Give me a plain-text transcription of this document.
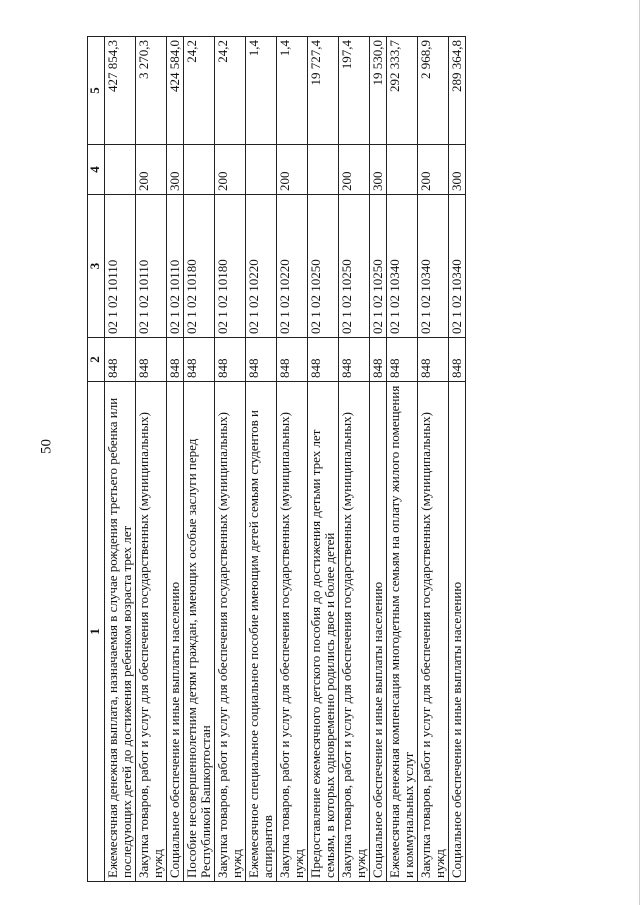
50
1	2	3	4	5
Ежемесячная денежная выплата, назначаемая в случае рождения третьего ребенка или последующих детей до достижения ребенком возраста трех лет	848	02 1 02 10110		427 854,3
Закупка товаров, работ и услуг для обеспечения государственных (муниципальных) нужд	848	02 1 02 10110	200	3 270,3
Социальное обеспечение и иные выплаты населению	848	02 1 02 10110	300	424 584,0
Пособие несовершеннолетним детям граждан, имеющих особые заслуги перед Республикой Башкортостан	848	02 1 02 10180		24,2
Закупка товаров, работ и услуг для обеспечения государственных (муниципальных) нужд	848	02 1 02 10180	200	24,2
Ежемесячное специальное социальное пособие имеющим детей семьям студентов и аспирантов	848	02 1 02 10220		1,4
Закупка товаров, работ и услуг для обеспечения государственных (муниципальных) нужд	848	02 1 02 10220	200	1,4
Предоставление ежемесячного детского пособия до достижения детьми трех лет семьям, в которых одновременно родились двое и более детей	848	02 1 02 10250		19 727,4
Закупка товаров, работ и услуг для обеспечения государственных (муниципальных) нужд	848	02 1 02 10250	200	197,4
Социальное обеспечение и иные выплаты населению	848	02 1 02 10250	300	19 530,0
Ежемесячная денежная компенсация многодетным семьям на оплату жилого помещения и коммунальных услуг	848	02 1 02 10340		292 333,7
Закупка товаров, работ и услуг для обеспечения государственных (муниципальных) нужд	848	02 1 02 10340	200	2 968,9
Социальное обеспечение и иные выплаты населению	848	02 1 02 10340	300	289 364,8
